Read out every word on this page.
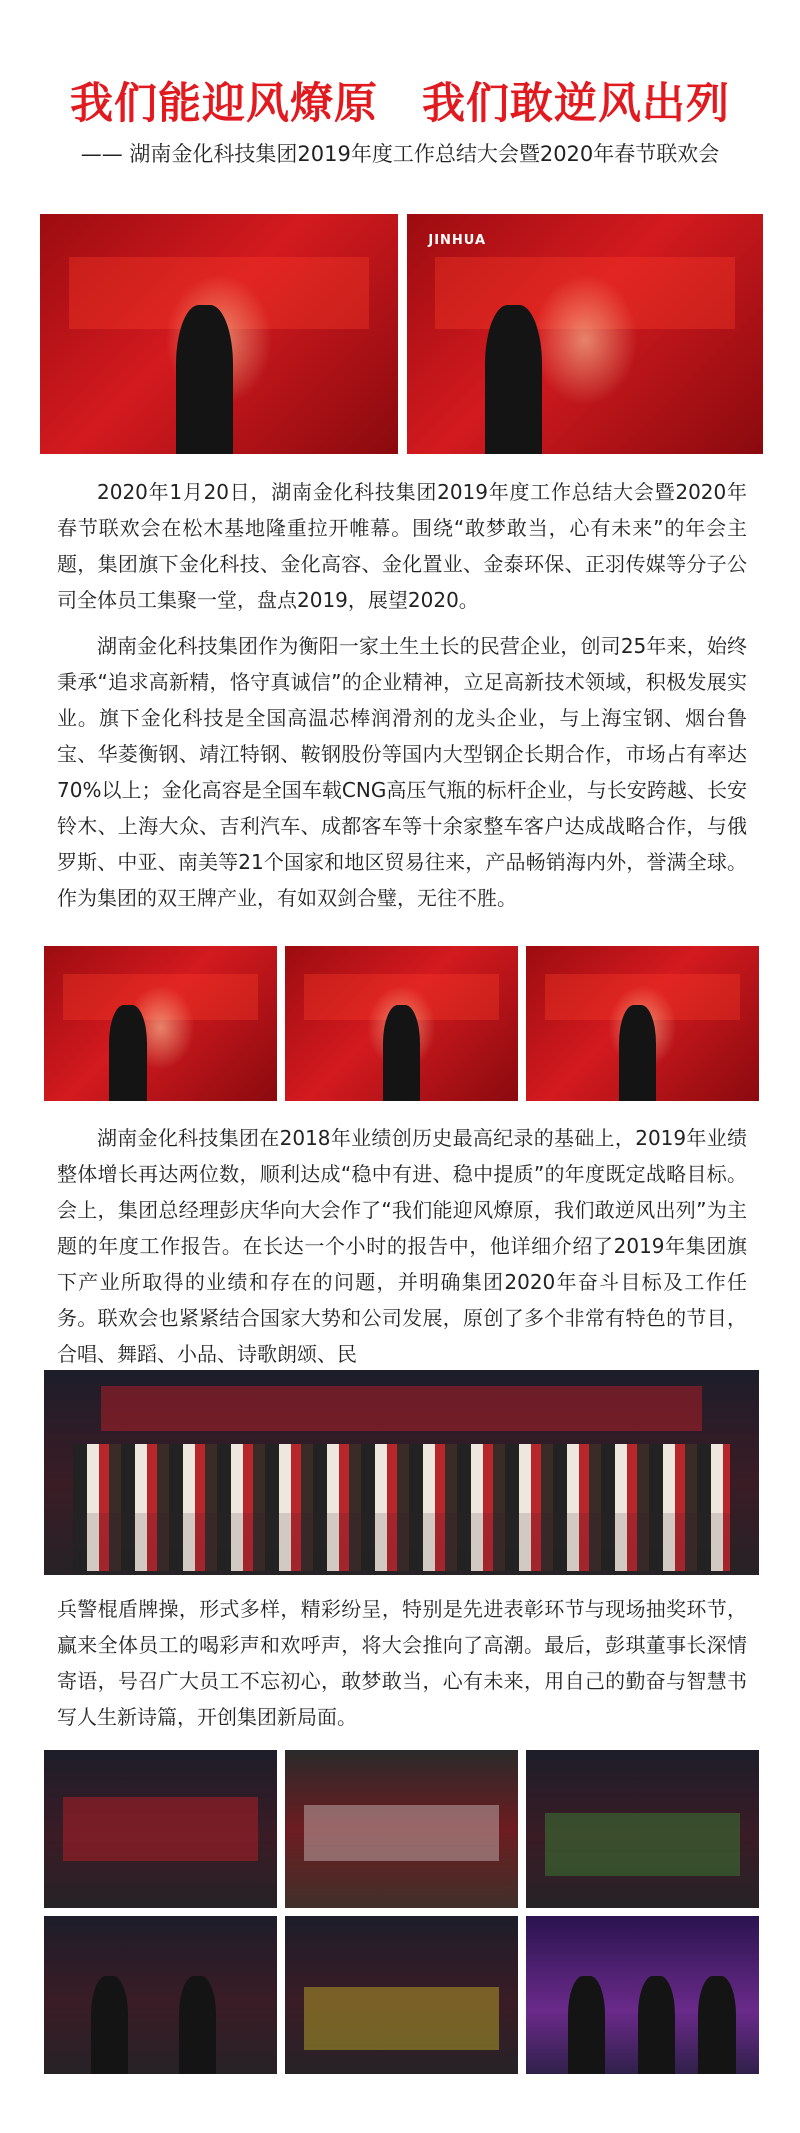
我们能迎风燎原　我们敢逆风出列
—— 湖南金化科技集团2019年度工作总结大会暨2020年春节联欢会
JINHUA

2020年1月20日，湖南金化科技集团2019年度工作总结大会暨2020年春节联欢会在松木基地隆重拉开帷幕。围绕“敢梦敢当，心有未来”的年会主题，集团旗下金化科技、金化高容、金化置业、金泰环保、正羽传媒等分子公司全体员工集聚一堂，盘点2019，展望2020。

湖南金化科技集团作为衡阳一家土生土长的民营企业，创司25年来，始终秉承“追求高新精，恪守真诚信”的企业精神，立足高新技术领域，积极发展实业。旗下金化科技是全国高温芯棒润滑剂的龙头企业，与上海宝钢、烟台鲁宝、华菱衡钢、靖江特钢、鞍钢股份等国内大型钢企长期合作，市场占有率达70%以上；金化高容是全国车载CNG高压气瓶的标杆企业，与长安跨越、长安铃木、上海大众、吉利汽车、成都客车等十余家整车客户达成战略合作，与俄罗斯、中亚、南美等21个国家和地区贸易往来，产品畅销海内外，誉满全球。作为集团的双王牌产业，有如双剑合璧，无往不胜。

湖南金化科技集团在2018年业绩创历史最高纪录的基础上，2019年业绩整体增长再达两位数，顺利达成“稳中有进、稳中提质”的年度既定战略目标。会上，集团总经理彭庆华向大会作了“我们能迎风燎原，我们敢逆风出列”为主题的年度工作报告。在长达一个小时的报告中，他详细介绍了2019年集团旗下产业所取得的业绩和存在的问题，并明确集团2020年奋斗目标及工作任务。联欢会也紧紧结合国家大势和公司发展，原创了多个非常有特色的节目，合唱、舞蹈、小品、诗歌朗颂、民

兵警棍盾牌操，形式多样，精彩纷呈，特别是先进表彰环节与现场抽奖环节，赢来全体员工的喝彩声和欢呼声，将大会推向了高潮。最后，彭琪董事长深情寄语，号召广大员工不忘初心，敢梦敢当，心有未来，用自己的勤奋与智慧书写人生新诗篇，开创集团新局面。
